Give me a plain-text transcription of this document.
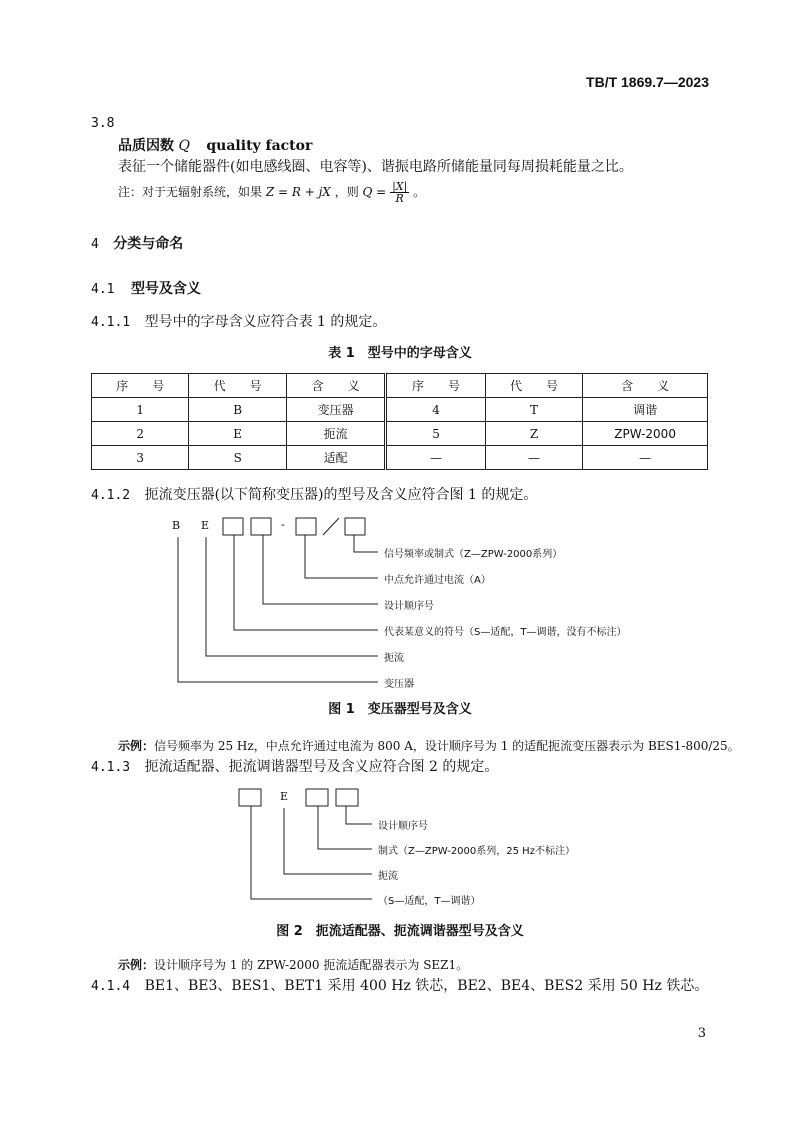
TB/T 1869.7—2023
3.8
品质因数 Q quality factor
表征一个储能器件(如电感线圈、电容等)、谐振电路所储能量同每周损耗能量之比。
注：对于无辐射系统，如果 Z = R + jX ，则 $Q = \frac{|X|}{R}$ 。
4 分类与命名
4.1 型号及含义
4.1.1 型号中的字母含义应符合表 1 的规定。
表 1　型号中的字母含义
序　　号	代　　号	含　　义	序　　号	代　　号	含　　义
1	B	变压器	4	T	调谐
2	E	扼流	5	Z	ZPW-2000
3	S	适配	—	—	—
4.1.2 扼流变压器(以下简称变压器)的型号及含义应符合图 1 的规定。
B E	-
信号频率或制式（Z—ZPW-2000系列）
中点允许通过电流（A）
设计顺序号
代表某意义的符号（S—适配，T—调谐，没有不标注）
扼流
变压器
图 1　变压器型号及含义
示例：信号频率为 25 Hz，中点允许通过电流为 800 A，设计顺序号为 1 的适配扼流变压器表示为 BES1-800/25。
4.1.3 扼流适配器、扼流调谐器型号及含义应符合图 2 的规定。
E
设计顺序号
制式（Z—ZPW-2000系列，25 Hz不标注）
扼流
（S—适配，T—调谐）
图 2　扼流适配器、扼流调谐器型号及含义
示例：设计顺序号为 1 的 ZPW-2000 扼流适配器表示为 SEZ1。
4.1.4 BE1、BE3、BES1、BET1 采用 400 Hz 铁芯，BE2、BE4、BES2 采用 50 Hz 铁芯。
3
